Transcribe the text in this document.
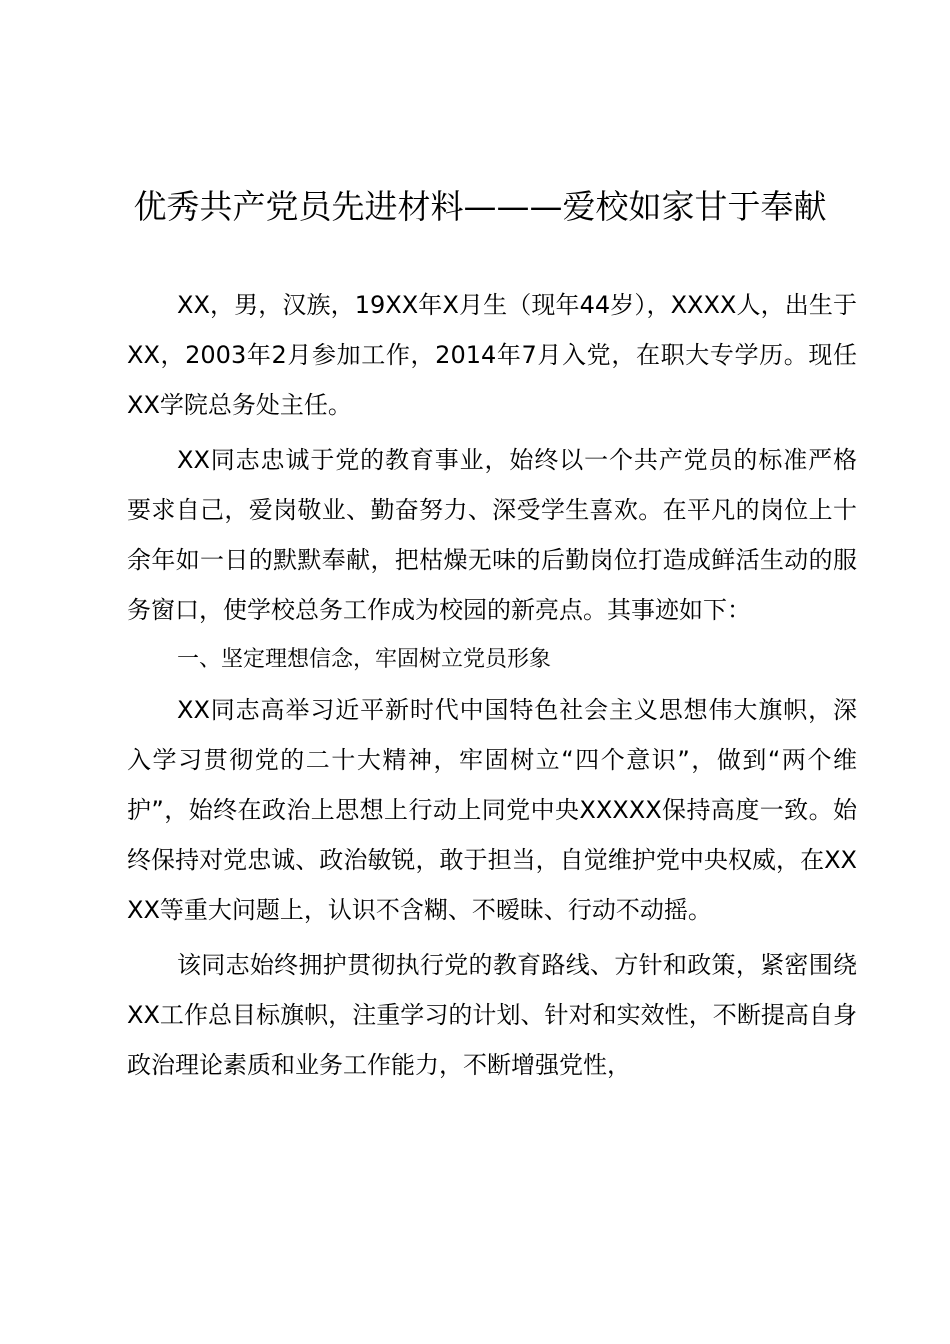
优秀共产党员先进材料———爱校如家甘于奉献

XX，男，汉族，19XX年X月生（现年44岁），XXXX人，出生于XX，2003年2月参加工作，2014年7月入党，在职大专学历。现任XX学院总务处主任。

XX同志忠诚于党的教育事业，始终以一个共产党员的标准严格要求自己，爱岗敬业、勤奋努力、深受学生喜欢。在平凡的岗位上十余年如一日的默默奉献，把枯燥无味的后勤岗位打造成鲜活生动的服务窗口，使学校总务工作成为校园的新亮点。其事迹如下：

一、坚定理想信念，牢固树立党员形象

XX同志高举习近平新时代中国特色社会主义思想伟大旗帜，深入学习贯彻党的二十大精神，牢固树立“四个意识”，做到“两个维护”，始终在政治上思想上行动上同党中央XXXXX保持高度一致。始终保持对党忠诚、政治敏锐，敢于担当，自觉维护党中央权威，在XXXX等重大问题上，认识不含糊、不暧昧、行动不动摇。

该同志始终拥护贯彻执行党的教育路线、方针和政策，紧密围绕XX工作总目标旗帜，注重学习的计划、针对和实效性，不断提高自身政治理论素质和业务工作能力，不断增强党性，
